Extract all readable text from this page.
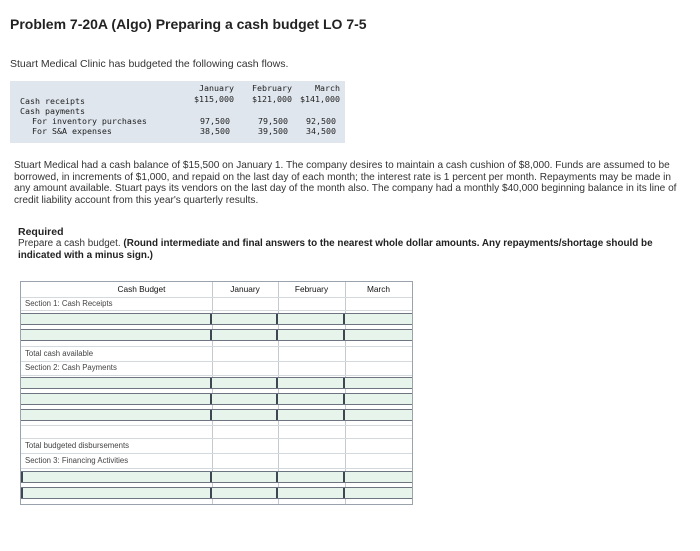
Problem 7-20A (Algo) Preparing a cash budget LO 7-5
Stuart Medical Clinic has budgeted the following cash flows.
January	February	March
Cash receipts	$115,000	$121,000 $141,000
Cash payments
For inventory purchases	97,500	79,500	92,500
For S&A expenses	38,500	39,500	34,500
Stuart Medical had a cash balance of $15,500 on January 1. The company desires to maintain a cash cushion of $8,000. Funds are assumed to be borrowed, in increments of $1,000, and repaid on the last day of each month; the interest rate is 1 percent per month. Repayments may be made in any amount available. Stuart pays its vendors on the last day of the month also. The company had a monthly $40,000 beginning balance in its line of credit liability account from this year's quarterly results.
Required
Prepare a cash budget. (Round intermediate and final answers to the nearest whole dollar amounts. Any repayments/shortage should be indicated with a minus sign.)
Cash Budget	January	February	March
Section 1: Cash Receipts
Total cash available
Section 2: Cash Payments
Total budgeted disbursements
Section 3: Financing Activities
